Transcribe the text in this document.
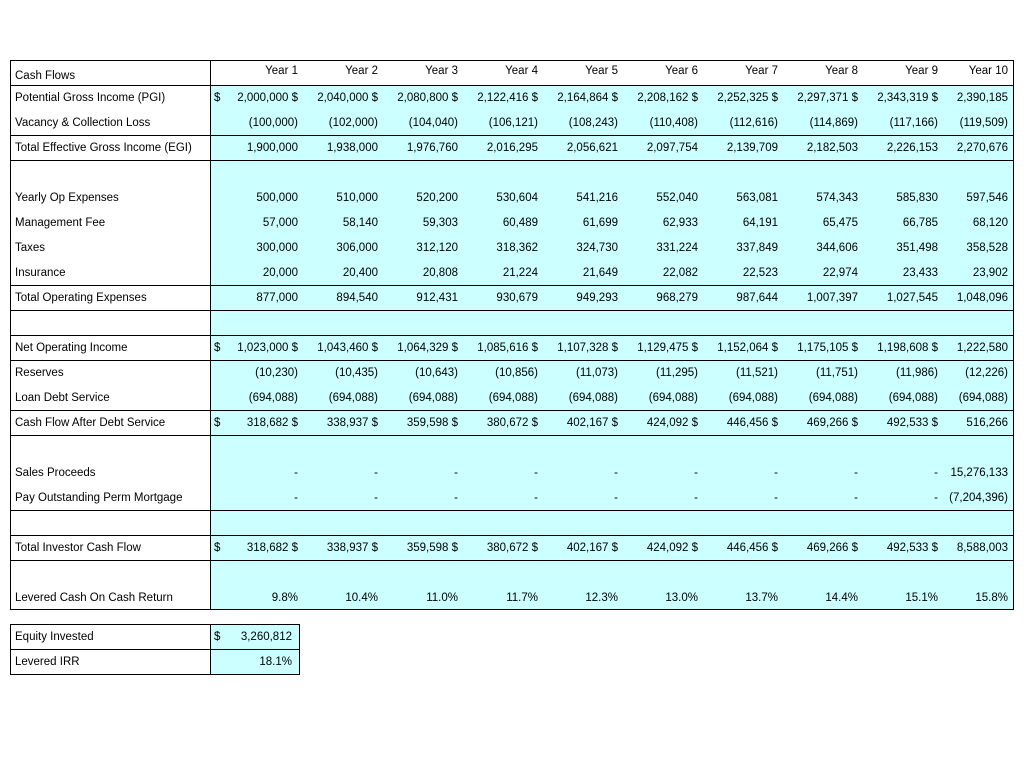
Cash Flows	Year 1	Year 2	Year 3	Year 4	Year 5	Year 6	Year 7	Year 8	Year 9	Year 10
Potential Gross Income (PGI)	$ 2,000,000 $ 2,040,000 $ 2,080,800 $ 2,122,416 $ 2,164,864 $ 2,208,162 $ 2,252,325 $ 2,297,371 $ 2,343,319 $ 2,390,185
Vacancy & Collection Loss	(100,000)	(102,000)	(104,040)	(106,121)	(108,243)	(110,408)	(112,616)	(114,869)	(117,166) (119,509)
Total Effective Gross Income (EGI)	1,900,000	1,938,000	1,976,760	2,016,295	2,056,621	2,097,754	2,139,709	2,182,503	2,226,153 2,270,676
Yearly Op Expenses	500,000	510,000	520,200	530,604	541,216	552,040	563,081	574,343	585,830 597,546
Management Fee	57,000	58,140	59,303	60,489	61,699	62,933	64,191	65,475	66,785	68,120
Taxes	300,000	306,000	312,120	318,362	324,730	331,224	337,849	344,606	351,498 358,528
Insurance	20,000	20,400	20,808	21,224	21,649	22,082	22,523	22,974	23,433	23,902
Total Operating Expenses	877,000	894,540	912,431	930,679	949,293	968,279	987,644	1,007,397	1,027,545 1,048,096
Net Operating Income	$ 1,023,000 $ 1,043,460 $ 1,064,329 $ 1,085,616 $ 1,107,328 $ 1,129,475 $ 1,152,064 $ 1,175,105 $ 1,198,608 $ 1,222,580
Reserves	(10,230)	(10,435)	(10,643)	(10,856)	(11,073)	(11,295)	(11,521)	(11,751)	(11,986) (12,226)
Loan Debt Service	(694,088)	(694,088)	(694,088)	(694,088)	(694,088)	(694,088)	(694,088)	(694,088)	(694,088) (694,088)
Cash Flow After Debt Service	$ 318,682 $	338,937 $	359,598 $	380,672 $	402,167 $	424,092 $	446,456 $	469,266 $	492,533 $ 516,266
Sales Proceeds	-	-	-	-	-	-	-	-	- 15,276,133
Pay Outstanding Perm Mortgage	-	-	-	-	-	-	-	-	- (7,204,396)
Total Investor Cash Flow	$ 318,682 $	338,937 $	359,598 $	380,672 $	402,167 $	424,092 $	446,456 $	469,266 $	492,533 $ 8,588,003
Levered Cash On Cash Return	9.8%	10.4%	11.0%	11.7%	12.3%	13.0%	13.7%	14.4%	15.1%	15.8%
Equity Invested	$ 3,260,812
Levered IRR	18.1%
